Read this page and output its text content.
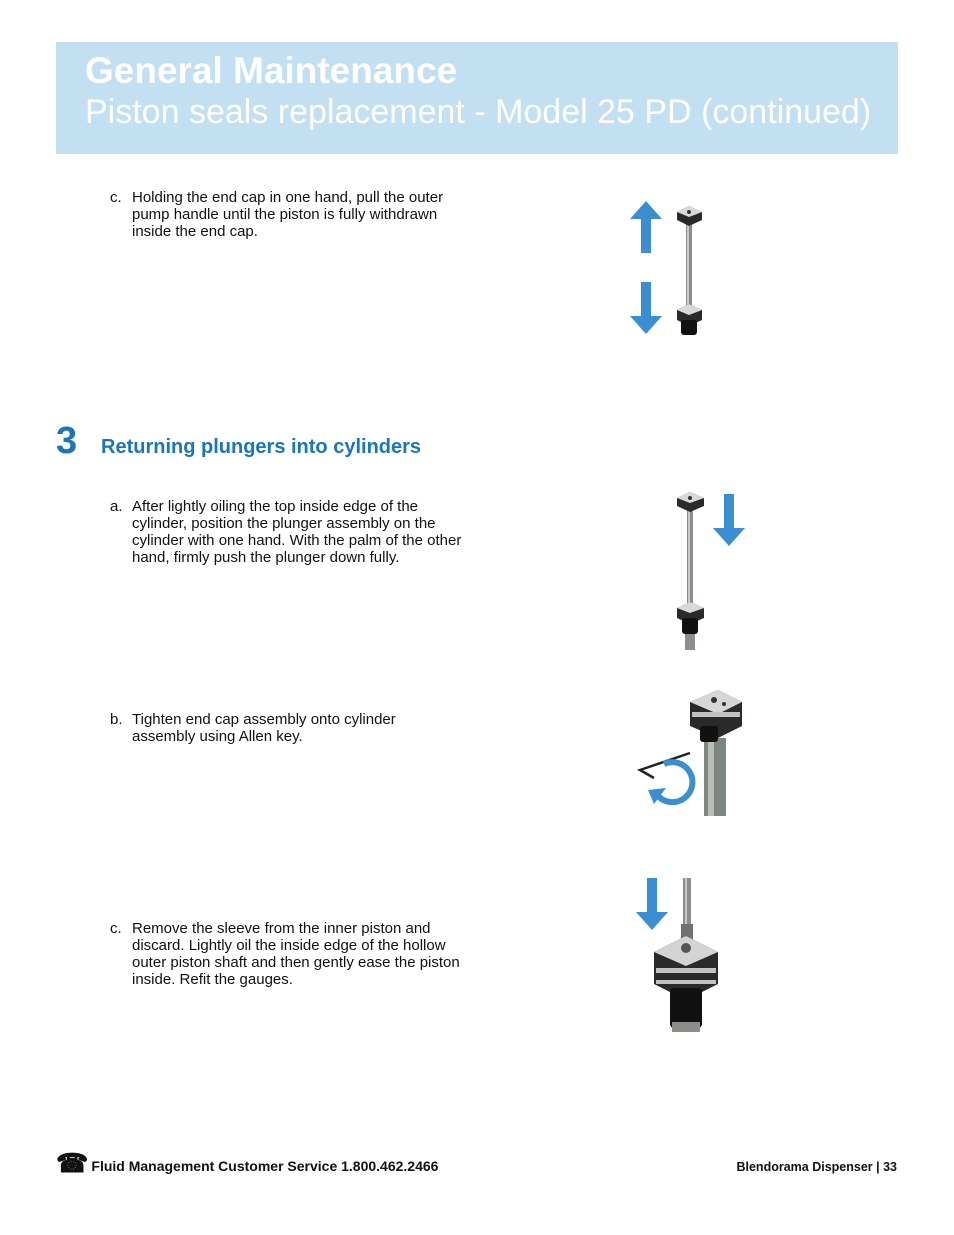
General Maintenance
Piston seals replacement - Model 25 PD (continued)
c. Holding the end cap in one hand, pull the outer pump handle until the piston is fully withdrawn inside the end cap.
3 Returning plungers into cylinders
a. After lightly oiling the top inside edge of the cylinder, position the plunger assembly on the cylinder with one hand. With the palm of the other hand, firmly push the plunger down fully.
b. Tighten end cap assembly onto cylinder assembly using Allen key.
c. Remove the sleeve from the inner piston and discard. Lightly oil the inside edge of the hollow outer piston shaft and then gently ease the piston inside. Refit the gauges.
☎ Fluid Management Customer Service 1.800.462.2466	Blendorama Dispenser | 33
